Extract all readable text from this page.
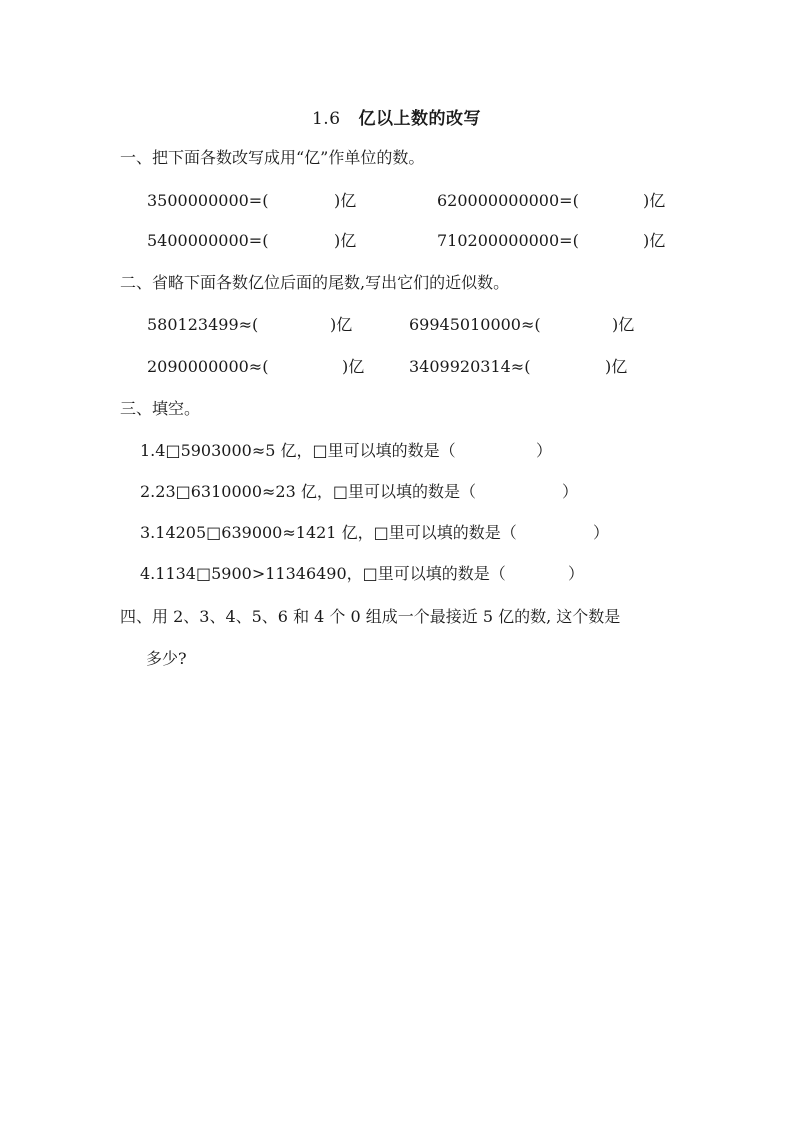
1.6 亿以上数的改写
一、把下面各数改写成用“亿”作单位的数。
3500000000=(	)亿	620000000000=(	)亿
5400000000=(	)亿	710200000000=(	)亿
二、省略下面各数亿位后面的尾数,写出它们的近似数。
580123499≈(	)亿	69945010000≈(	)亿
2090000000≈(	)亿	3409920314≈(	)亿
三、填空。
1.4□5903000≈5 亿，□里可以填的数是（	）
2.23□6310000≈23 亿，□里可以填的数是（	）
3.14205□639000≈1421 亿，□里可以填的数是（	）
4.1134□5900>11346490，□里可以填的数是（	）
四、用 2、3、4、5、6 和 4 个 0 组成一个最接近 5 亿的数, 这个数是
多少?
